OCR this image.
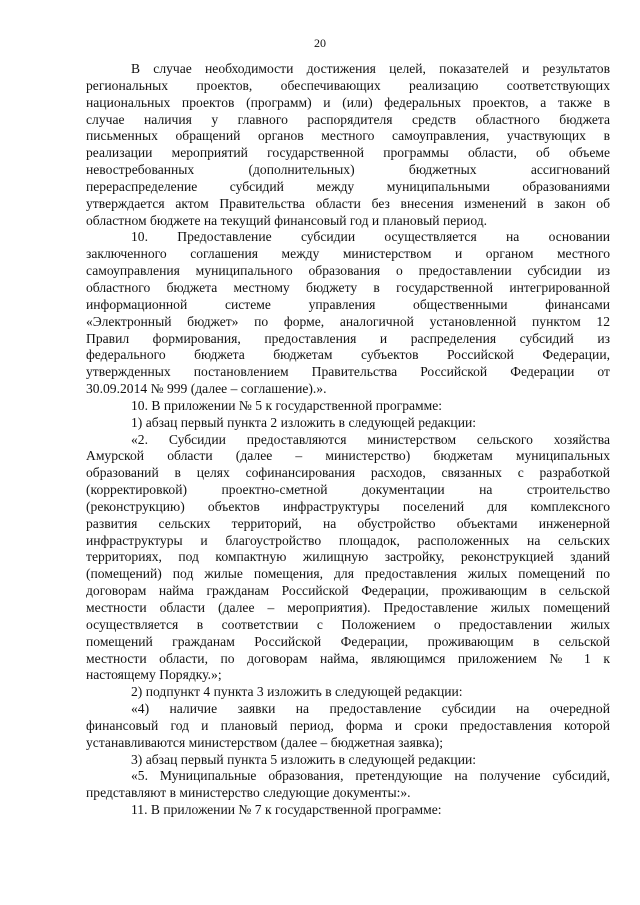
20
В случае необходимости достижения целей, показателей и результатов
региональных проектов, обеспечивающих реализацию соответствующих
национальных проектов (программ) и (или) федеральных проектов, а также в
случае наличия у главного распорядителя средств областного бюджета
письменных обращений органов местного самоуправления, участвующих в
реализации мероприятий государственной программы области, об объеме
невостребованных (дополнительных) бюджетных ассигнований
перераспределение субсидий между муниципальными образованиями
утверждается актом Правительства области без внесения изменений в закон об
областном бюджете на текущий финансовый год и плановый период.
10. Предоставление субсидии осуществляется на основании
заключенного соглашения между министерством и органом местного
самоуправления муниципального образования о предоставлении субсидии из
областного бюджета местному бюджету в государственной интегрированной
информационной системе управления общественными финансами
«Электронный бюджет» по форме, аналогичной установленной пунктом 12
Правил формирования, предоставления и распределения субсидий из
федерального бюджета бюджетам субъектов Российской Федерации,
утвержденных постановлением Правительства Российской Федерации от
30.09.2014 № 999 (далее – соглашение).».
10. В приложении № 5 к государственной программе:
1) абзац первый пункта 2 изложить в следующей редакции:
«2. Субсидии предоставляются министерством сельского хозяйства
Амурской области (далее – министерство) бюджетам муниципальных
образований в целях софинансирования расходов, связанных с разработкой
(корректировкой) проектно-сметной документации на строительство
(реконструкцию) объектов инфраструктуры поселений для комплексного
развития сельских территорий, на обустройство объектами инженерной
инфраструктуры и благоустройство площадок, расположенных на сельских
территориях, под компактную жилищную застройку, реконструкцией зданий
(помещений) под жилые помещения, для предоставления жилых помещений по
договорам найма гражданам Российской Федерации, проживающим в сельской
местности области (далее – мероприятия). Предоставление жилых помещений
осуществляется в соответствии с Положением о предоставлении жилых
помещений гражданам Российской Федерации, проживающим в сельской
местности области, по договорам найма, являющимся приложением № 1 к
настоящему Порядку.»;
2) подпункт 4 пункта 3 изложить в следующей редакции:
«4) наличие заявки на предоставление субсидии на очередной
финансовый год и плановый период, форма и сроки предоставления которой
устанавливаются министерством (далее – бюджетная заявка);
3) абзац первый пункта 5 изложить в следующей редакции:
«5. Муниципальные образования, претендующие на получение субсидий,
представляют в министерство следующие документы:».
11. В приложении № 7 к государственной программе:
